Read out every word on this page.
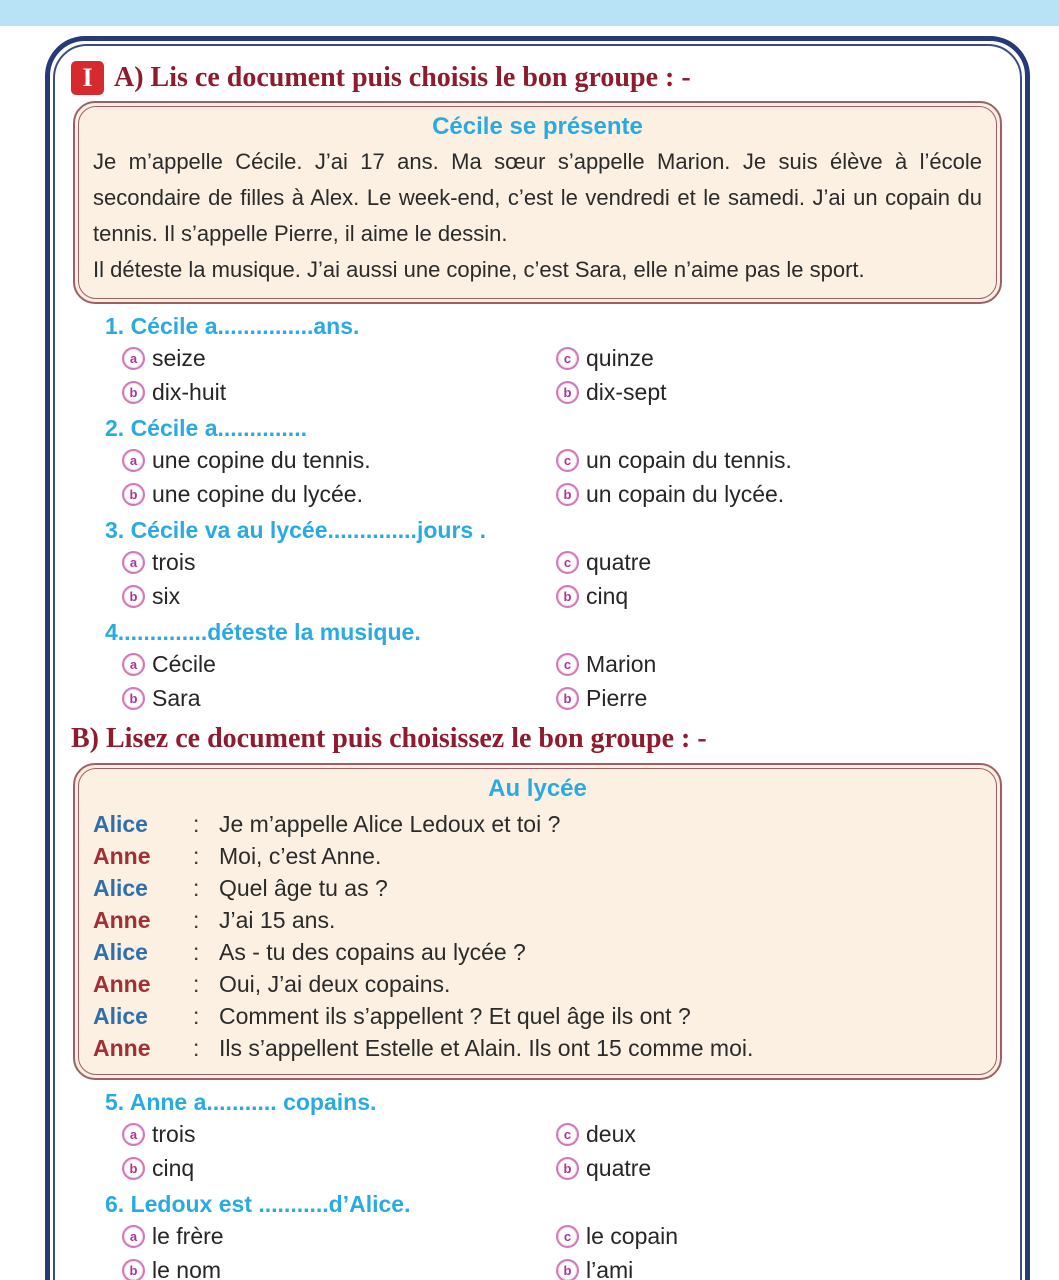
I A) Lis ce document puis choisis le bon groupe : -
Cécile se présente

Je m’appelle Cécile. J’ai 17 ans. Ma sœur s’appelle Marion. Je suis élève à l’école secondaire de filles à Alex. Le week-end, c’est le vendredi et le samedi. J’ai un copain du tennis. Il s’appelle Pierre, il aime le dessin.

Il déteste la musique. J’ai aussi une copine, c’est Sara, elle n’aime pas le sport.

1. Cécile a...............ans.
a seize	c quinze
b dix-huit	b dix-sept
2. Cécile a..............
a une copine du tennis.	c un copain du tennis.
b une copine du lycée.	b un copain du lycée.
3. Cécile va au lycée..............jours .
a trois	c quatre
b six	b cinq
4..............déteste la musique.
a Cécile	c Marion
b Sara	b Pierre
B) Lisez ce document puis choisissez le bon groupe : -
Au lycée
Alice	: Je m’appelle Alice Ledoux et toi ?
Anne	: Moi, c’est Anne.
Alice	: Quel âge tu as ?
Anne	: J’ai 15 ans.
Alice	: As - tu des copains au lycée ?
Anne	: Oui, J’ai deux copains.
Alice	: Comment ils s’appellent ? Et quel âge ils ont ?
Anne	: Ils s’appellent Estelle et Alain. Ils ont 15 comme moi.
5. Anne a........... copains.
a trois	c deux
b cinq	b quatre
6. Ledoux est ...........d’Alice.
a le frère	c le copain
b le nom	b l’ami
